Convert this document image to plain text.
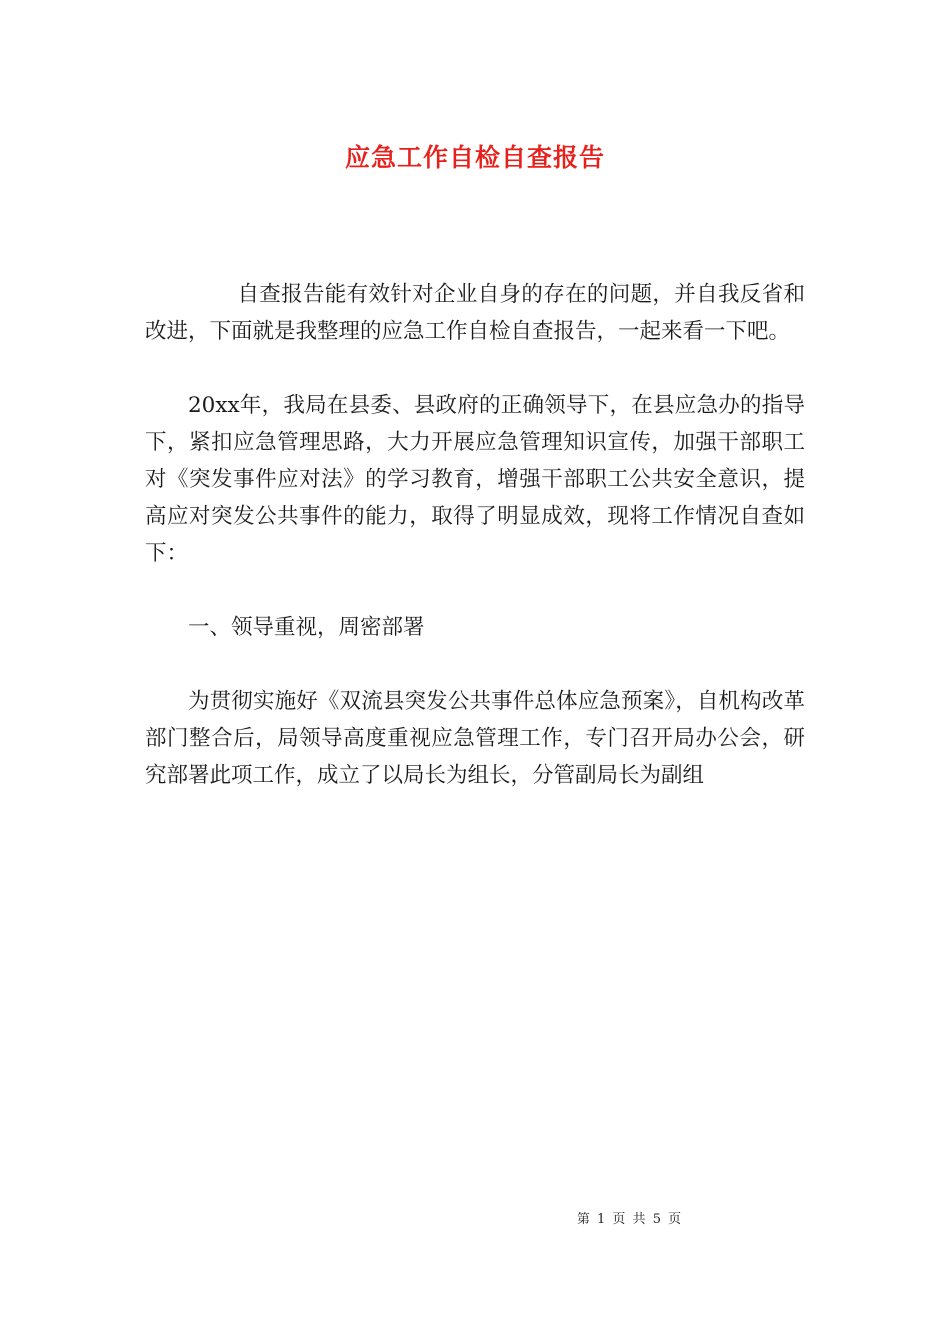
应急工作自检自查报告

自查报告能有效针对企业自身的存在的问题，并自我反省和改进，下面就是我整理的应急工作自检自查报告，一起来看一下吧。

20xx年，我局在县委、县政府的正确领导下，在县应急办的指导下，紧扣应急管理思路，大力开展应急管理知识宣传，加强干部职工对《突发事件应对法》的学习教育，增强干部职工公共安全意识，提高应对突发公共事件的能力，取得了明显成效，现将工作情况自查如下：

一、领导重视，周密部署

为贯彻实施好《双流县突发公共事件总体应急预案》，自机构改革部门整合后，局领导高度重视应急管理工作，专门召开局办公会，研究部署此项工作，成立了以局长为组长，分管副局长为副组

第 1 页 共 5 页
